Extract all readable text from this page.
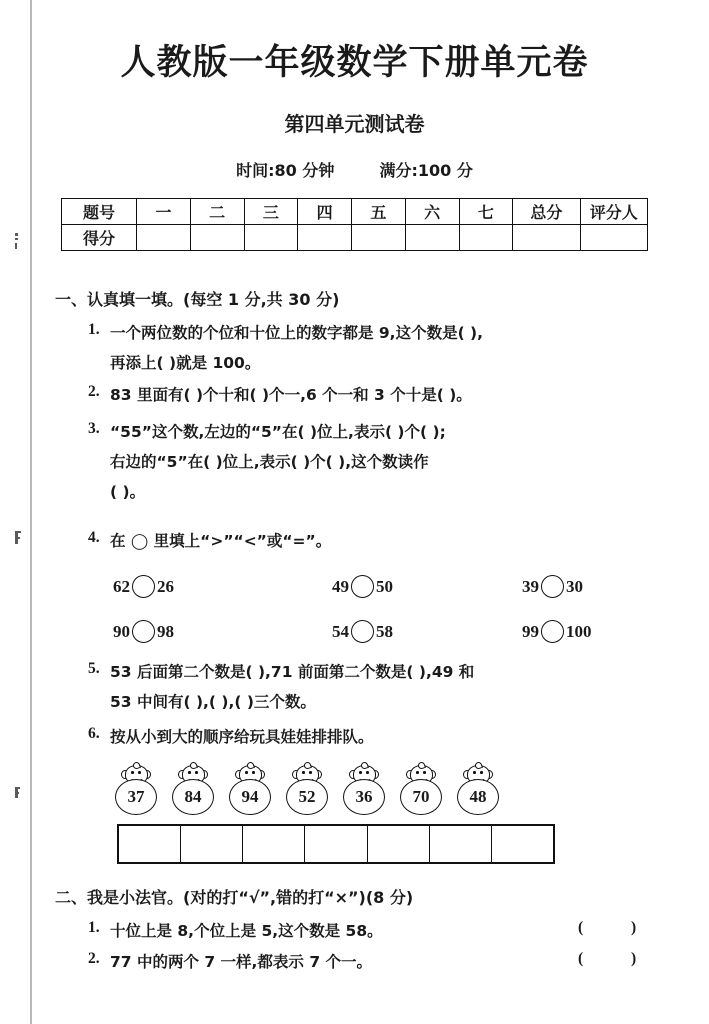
人教版一年级数学下册单元卷
第四单元测试卷
时间:80 分钟	满分:100 分
题号	一	二	三	四	五	六	七	总分	评分人
得分									
一、认真填一填。(每空 1 分,共 30 分)
1. 一个两位数的个位和十位上的数字都是 9,这个数是( ),
再添上( )就是 100。
2. 83 里面有( )个十和( )个一,6 个一和 3 个十是( )。
3. “55”这个数,左边的“5”在( )位上,表示( )个( );
右边的“5”在( )位上,表示( )个( ),这个数读作
( )。
4. 在 ◯ 里填上“>”“<”或“=”。
62 26	49 50	39 30
90 98	54 58	99 100
5. 53 后面第二个数是( ),71 前面第二个数是( ),49 和
53 中间有( ),( ),( )三个数。
6. 按从小到大的顺序给玩具娃娃排排队。
37	84	94	52	36	70	48
二、我是小法官。(对的打“√”,错的打“×”)(8 分)
1. 十位上是 8,个位上是 5,这个数是 58。	( )
2. 77 中的两个 7 一样,都表示 7 个一。	( )
